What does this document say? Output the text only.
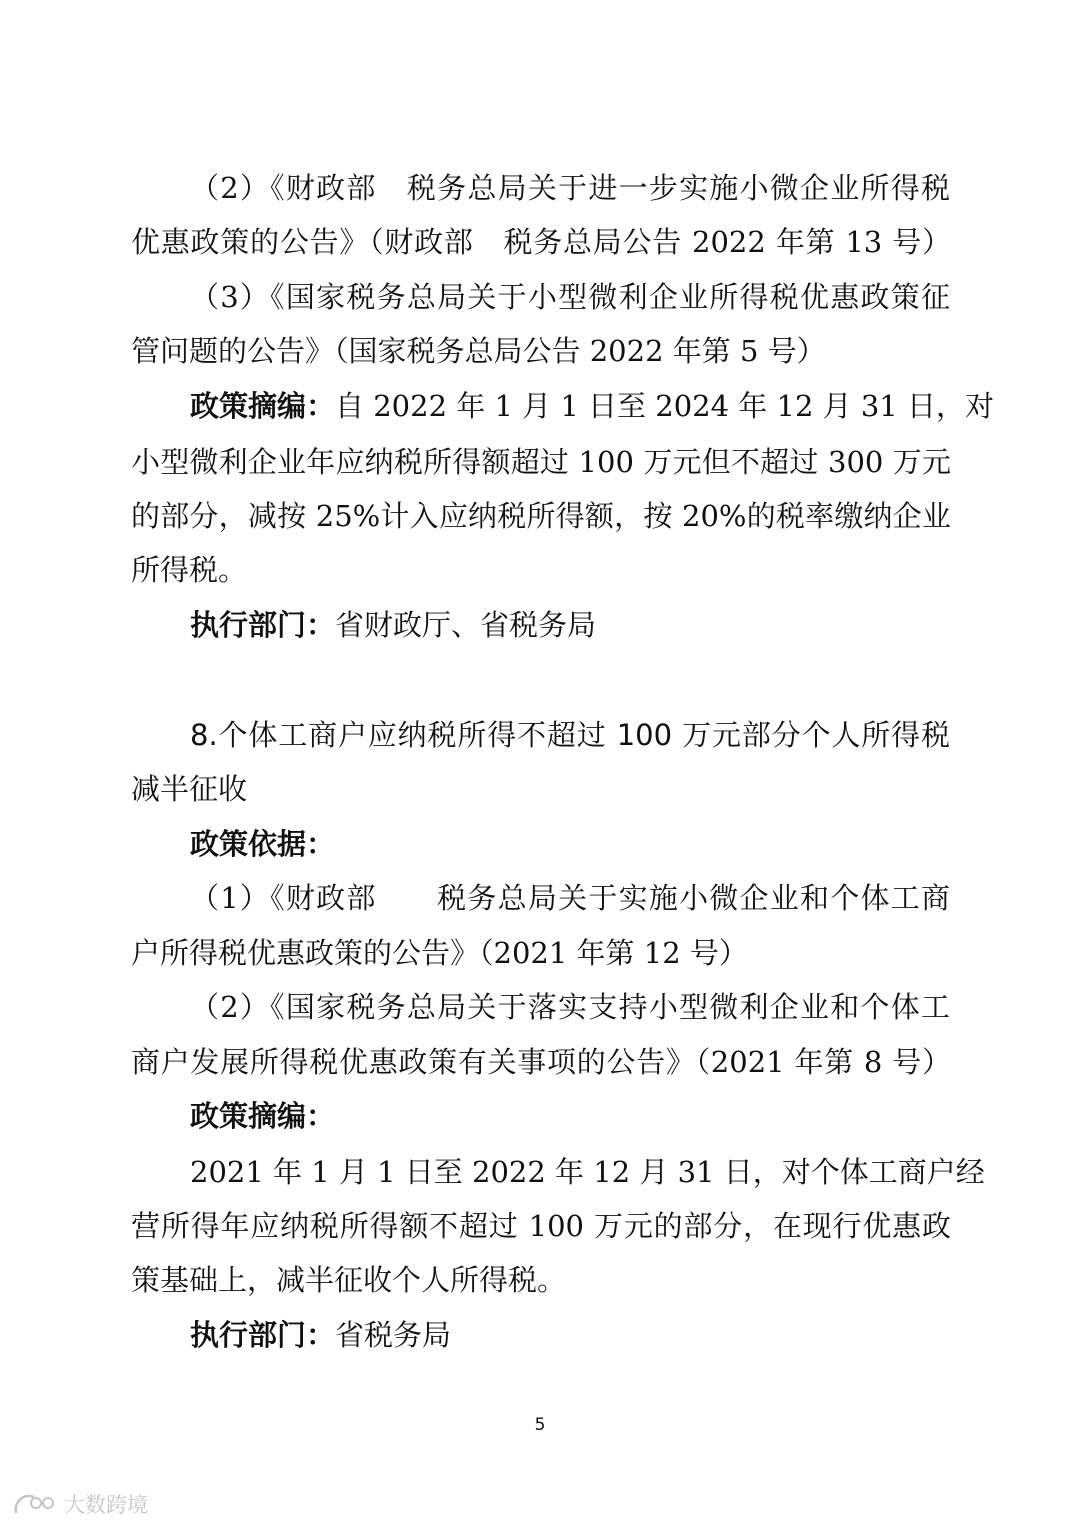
（2）《财政部　税务总局关于进一步实施小微企业所得税
优惠政策的公告》（财政部　税务总局公告 2022 年第 13 号）
（3）《国家税务总局关于小型微利企业所得税优惠政策征
管问题的公告》（国家税务总局公告 2022 年第 5 号）
政策摘编：自 2022 年 1 月 1 日至 2024 年 12 月 31 日，对
小型微利企业年应纳税所得额超过 100 万元但不超过 300 万元
的部分，减按 25%计入应纳税所得额，按 20%的税率缴纳企业
所得税。
执行部门：省财政厅、省税务局
8.个体工商户应纳税所得不超过 100 万元部分个人所得税
减半征收
政策依据：
（1）《财政部　　税务总局关于实施小微企业和个体工商
户所得税优惠政策的公告》（2021 年第 12 号）
（2）《国家税务总局关于落实支持小型微利企业和个体工
商户发展所得税优惠政策有关事项的公告》（2021 年第 8 号）
政策摘编：
2021 年 1 月 1 日至 2022 年 12 月 31 日，对个体工商户经
营所得年应纳税所得额不超过 100 万元的部分，在现行优惠政
策基础上，减半征收个人所得税。
执行部门：省税务局
5
大数跨境
